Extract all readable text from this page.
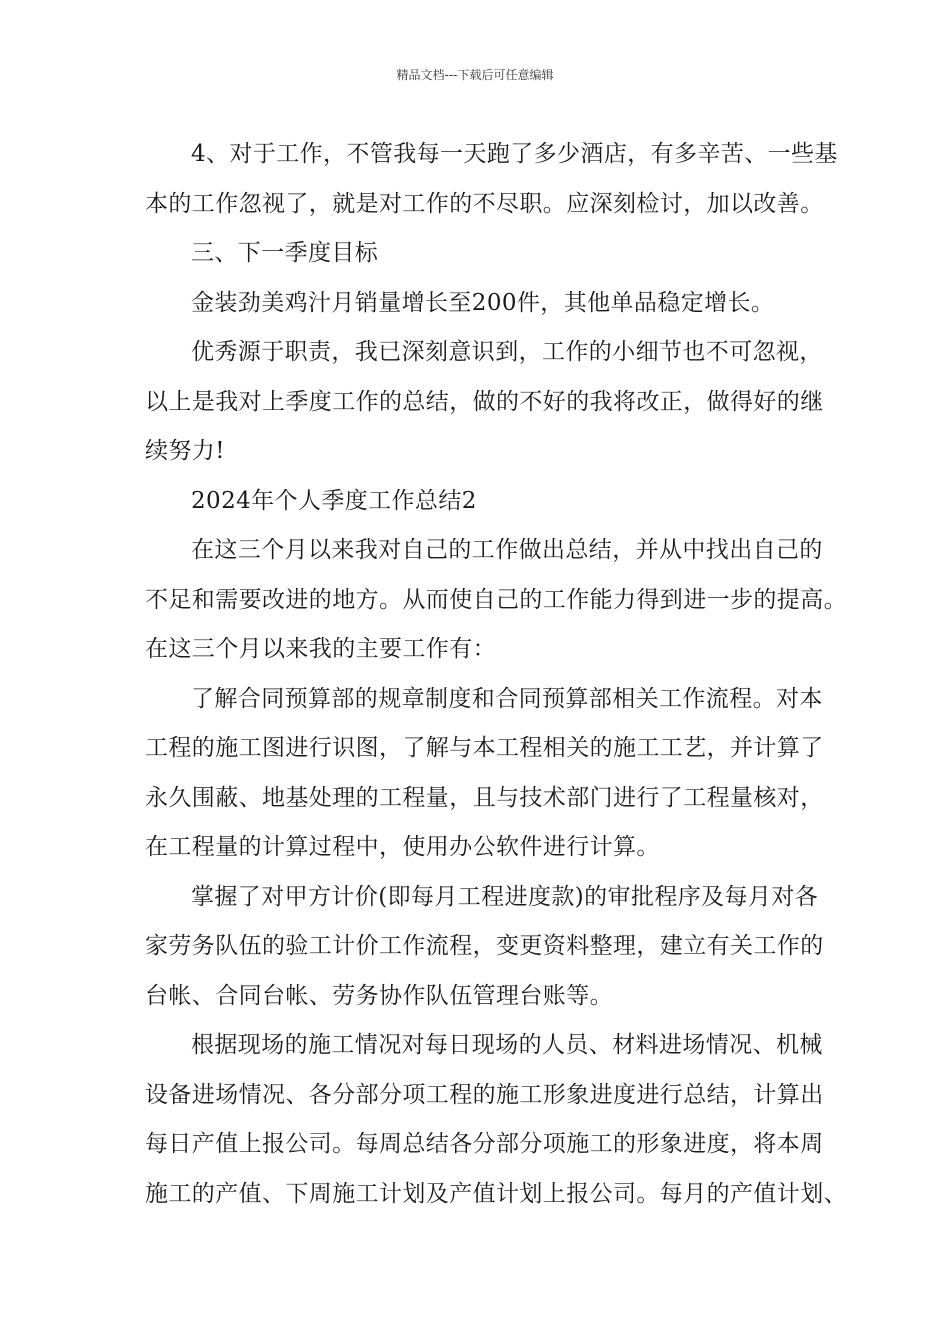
精品文档---下载后可任意编辑
4、对于工作，不管我每一天跑了多少酒店，有多辛苦、一些基
本的工作忽视了，就是对工作的不尽职。应深刻检讨，加以改善。
三、下一季度目标
金装劲美鸡汁月销量增长至200件，其他单品稳定增长。
优秀源于职责，我已深刻意识到，工作的小细节也不可忽视，
以上是我对上季度工作的总结，做的不好的我将改正，做得好的继
续努力!
2024年个人季度工作总结2
在这三个月以来我对自己的工作做出总结，并从中找出自己的
不足和需要改进的地方。从而使自己的工作能力得到进一步的提高。
在这三个月以来我的主要工作有：
了解合同预算部的规章制度和合同预算部相关工作流程。对本
工程的施工图进行识图，了解与本工程相关的施工工艺，并计算了
永久围蔽、地基处理的工程量，且与技术部门进行了工程量核对，
在工程量的计算过程中，使用办公软件进行计算。
掌握了对甲方计价(即每月工程进度款)的审批程序及每月对各
家劳务队伍的验工计价工作流程，变更资料整理，建立有关工作的
台帐、合同台帐、劳务协作队伍管理台账等。
根据现场的施工情况对每日现场的人员、材料进场情况、机械
设备进场情况、各分部分项工程的施工形象进度进行总结，计算出
每日产值上报公司。每周总结各分部分项施工的形象进度，将本周
施工的产值、下周施工计划及产值计划上报公司。每月的产值计划、
